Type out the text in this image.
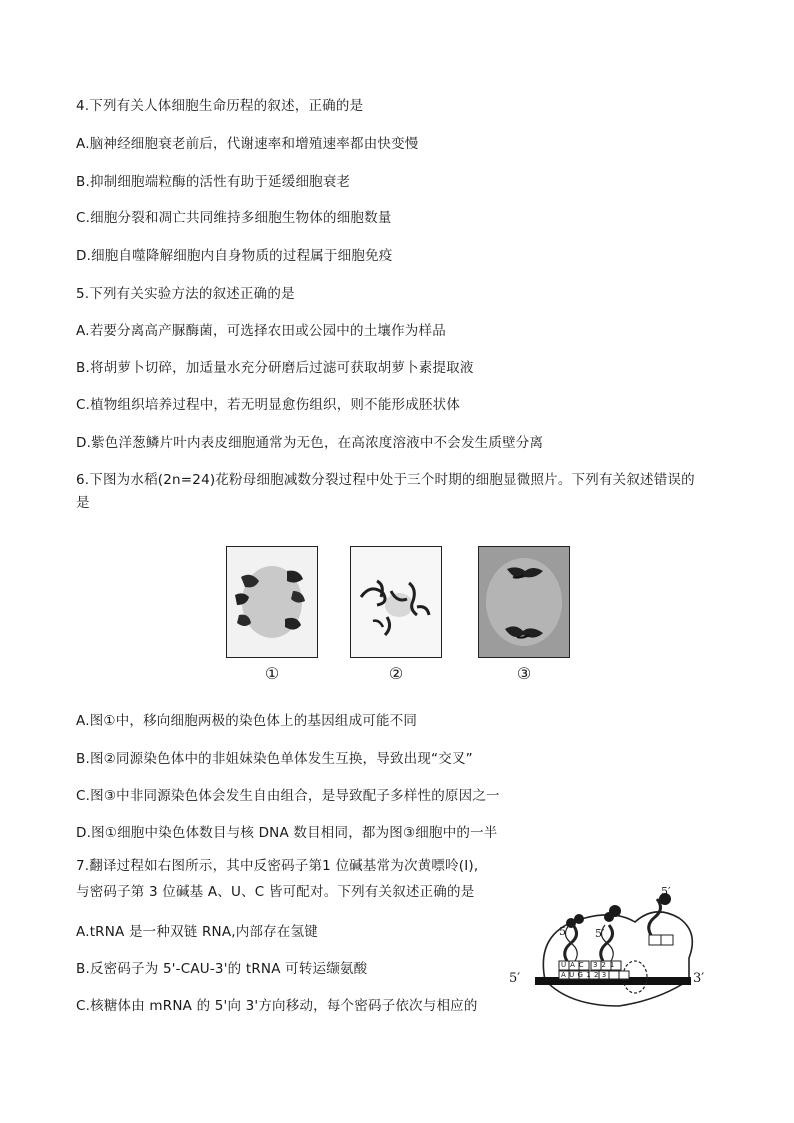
4.下列有关人体细胞生命历程的叙述，正确的是
A.脑神经细胞衰老前后，代谢速率和增殖速率都由快变慢
B.抑制细胞端粒酶的活性有助于延缓细胞衰老
C.细胞分裂和凋亡共同维持多细胞生物体的细胞数量
D.细胞自噬降解细胞内自身物质的过程属于细胞免疫
5.下列有关实验方法的叙述正确的是
A.若要分离高产脲酶菌，可选择农田或公园中的土壤作为样品
B.将胡萝卜切碎，加适量水充分研磨后过滤可获取胡萝卜素提取液
C.植物组织培养过程中，若无明显愈伤组织，则不能形成胚状体
D.紫色洋葱鳞片叶内表皮细胞通常为无色，在高浓度溶液中不会发生质壁分离
6.下图为水稻(2n=24)花粉母细胞减数分裂过程中处于三个时期的细胞显微照片。下列有关叙述错误的
是
①	②	③
A.图①中，移向细胞两极的染色体上的基因组成可能不同
B.图②同源染色体中的非姐妹染色单体发生互换，导致出现“交叉”
C.图③中非同源染色体会发生自由组合，是导致配子多样性的原因之一
D.图①细胞中染色体数目与核 DNA 数目相同，都为图③细胞中的一半
7.翻译过程如右图所示，其中反密码子第1 位碱基常为次黄嘌呤(I),
与密码子第 3 位碱基 A、U、C 皆可配对。下列有关叙述正确的是
A.tRNA 是一种双链 RNA,内部存在氢键
B.反密码子为 5'-CAU-3'的 tRNA 可转运缬氨酸
C.核糖体由 mRNA 的 5'向 3'方向移动，每个密码子依次与相应的
5′	3′
5′ 5′
5′
UAC 321
AUG123
